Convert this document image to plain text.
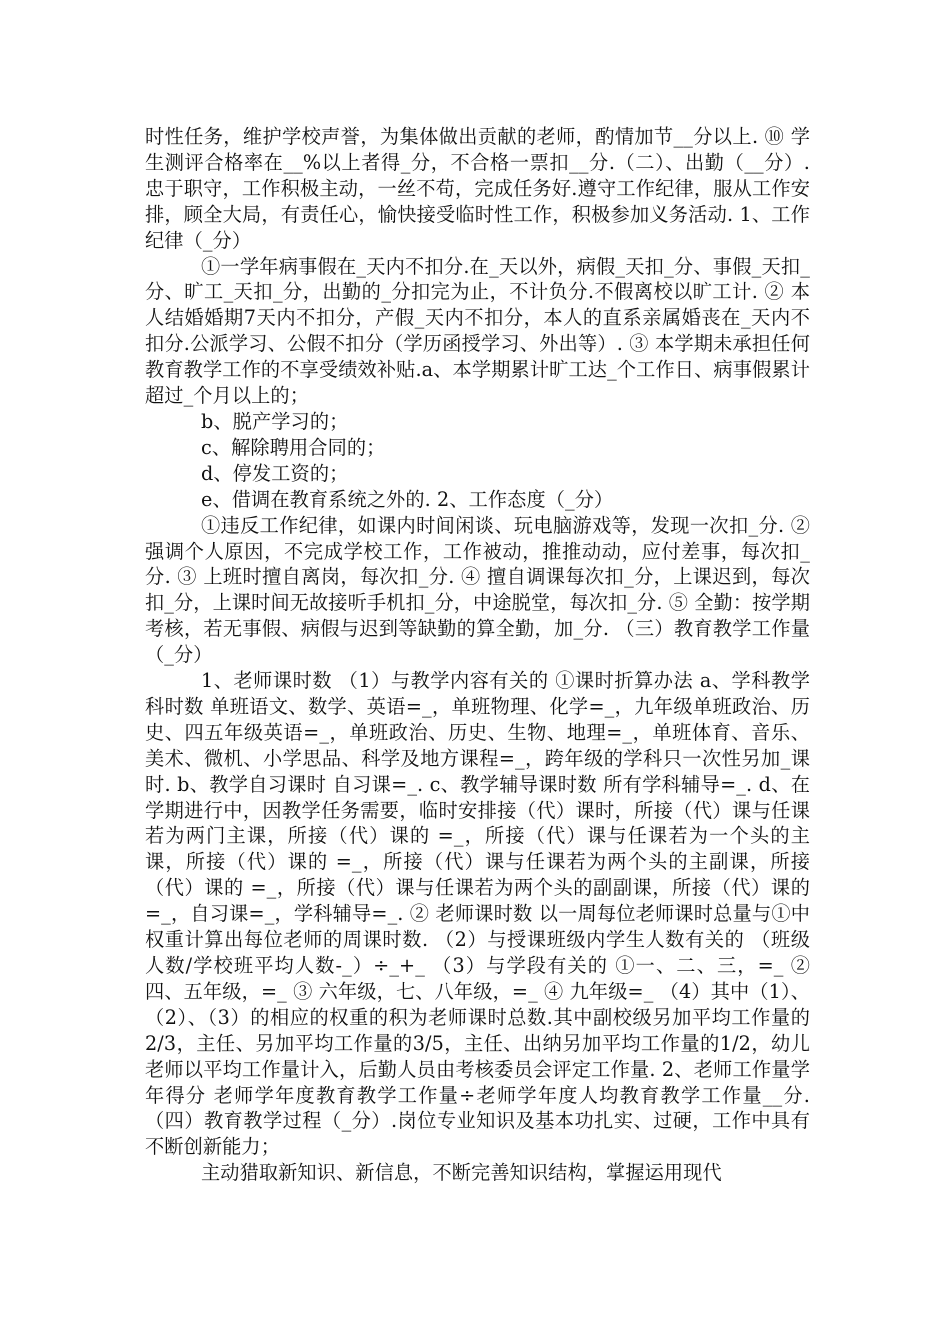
时性任务，维护学校声誉，为集体做出贡献的老师，酌情加节__分以上. ⑩ 学生测评合格率在__%以上者得_分，不合格一票扣__分.（二）、出勤（__分）.忠于职守，工作积极主动，一丝不苟，完成任务好.遵守工作纪律，服从工作安排，顾全大局，有责任心，愉快接受临时性工作，积极参加义务活动. 1、工作纪律（_分）

①一学年病事假在_天内不扣分.在_天以外，病假_天扣_分、事假_天扣_分、旷工_天扣_分，出勤的_分扣完为止，不计负分.不假离校以旷工计. ② 本人结婚婚期7天内不扣分，产假_天内不扣分，本人的直系亲属婚丧在_天内不扣分.公派学习、公假不扣分（学历函授学习、外出等）. ③ 本学期未承担任何教育教学工作的不享受绩效补贴.a、本学期累计旷工达_个工作日、病事假累计超过_个月以上的；

b、脱产学习的；

c、解除聘用合同的；

d、停发工资的；

e、借调在教育系统之外的. 2、工作态度（_分）

①违反工作纪律，如课内时间闲谈、玩电脑游戏等，发现一次扣_分. ② 强调个人原因，不完成学校工作，工作被动，推推动动，应付差事，每次扣_分. ③ 上班时擅自离岗，每次扣_分. ④ 擅自调课每次扣_分，上课迟到，每次扣_分，上课时间无故接听手机扣_分，中途脱堂，每次扣_分. ⑤ 全勤：按学期考核，若无事假、病假与迟到等缺勤的算全勤，加_分. （三）教育教学工作量（_分）

1、老师课时数 （1）与教学内容有关的 ①课时折算办法 a、学科教学科时数 单班语文、数学、英语=_，单班物理、化学=_，九年级单班政治、历史、四五年级英语=_，单班政治、历史、生物、地理=_，单班体育、音乐、美术、微机、小学思品、科学及地方课程=_，跨年级的学科只一次性另加_课时. b、教学自习课时 自习课=_. c、教学辅导课时数 所有学科辅导=_. d、在学期进行中，因教学任务需要，临时安排接（代）课时，所接（代）课与任课若为两门主课，所接（代）课的 =_，所接（代）课与任课若为一个头的主课，所接（代）课的 =_，所接（代）课与任课若为两个头的主副课，所接（代）课的 =_，所接（代）课与任课若为两个头的副副课，所接（代）课的 =_，自习课=_，学科辅导=_. ② 老师课时数 以一周每位老师课时总量与①中权重计算出每位老师的周课时数. （2）与授课班级内学生人数有关的 （班级人数/学校班平均人数-_）÷_+_ （3）与学段有关的 ①一、二、三，=_ ② 四、五年级，=_ ③ 六年级，七、八年级，=_ ④ 九年级=_ （4）其中（1）、（2）、（3）的相应的权重的积为老师课时总数.其中副校级另加平均工作量的2/3，主任、另加平均工作量的3/5，主任、出纳另加平均工作量的1/2，幼儿老师以平均工作量计入，后勤人员由考核委员会评定工作量. 2、老师工作量学年得分 老师学年度教育教学工作量÷老师学年度人均教育教学工作量__分. （四）教育教学过程（_分）.岗位专业知识及基本功扎实、过硬，工作中具有不断创新能力；

主动猎取新知识、新信息，不断完善知识结构，掌握运用现代
